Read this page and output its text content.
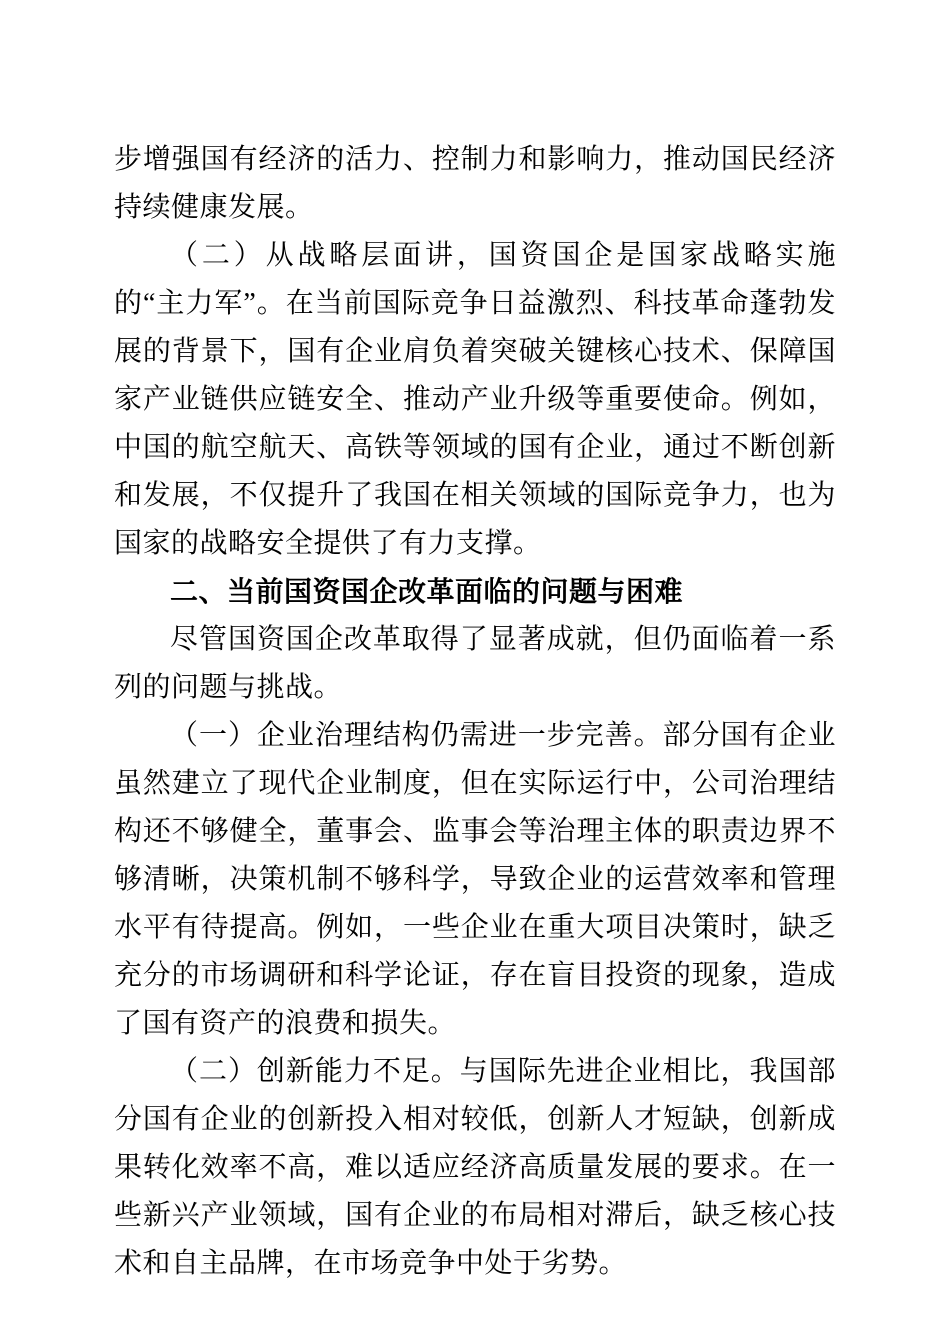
步增强国有经济的活力、控制力和影响力，推动国民经济持续健康发展。

（二）从战略层面讲，国资国企是国家战略实施的“主力军”。在当前国际竞争日益激烈、科技革命蓬勃发展的背景下，国有企业肩负着突破关键核心技术、保障国家产业链供应链安全、推动产业升级等重要使命。例如，中国的航空航天、高铁等领域的国有企业，通过不断创新和发展，不仅提升了我国在相关领域的国际竞争力，也为国家的战略安全提供了有力支撑。

二、当前国资国企改革面临的问题与困难

尽管国资国企改革取得了显著成就，但仍面临着一系列的问题与挑战。

（一）企业治理结构仍需进一步完善。部分国有企业虽然建立了现代企业制度，但在实际运行中，公司治理结构还不够健全，董事会、监事会等治理主体的职责边界不够清晰，决策机制不够科学，导致企业的运营效率和管理水平有待提高。例如，一些企业在重大项目决策时，缺乏充分的市场调研和科学论证，存在盲目投资的现象，造成了国有资产的浪费和损失。

（二）创新能力不足。与国际先进企业相比，我国部分国有企业的创新投入相对较低，创新人才短缺，创新成果转化效率不高，难以适应经济高质量发展的要求。在一些新兴产业领域，国有企业的布局相对滞后，缺乏核心技术和自主品牌，在市场竞争中处于劣势。
